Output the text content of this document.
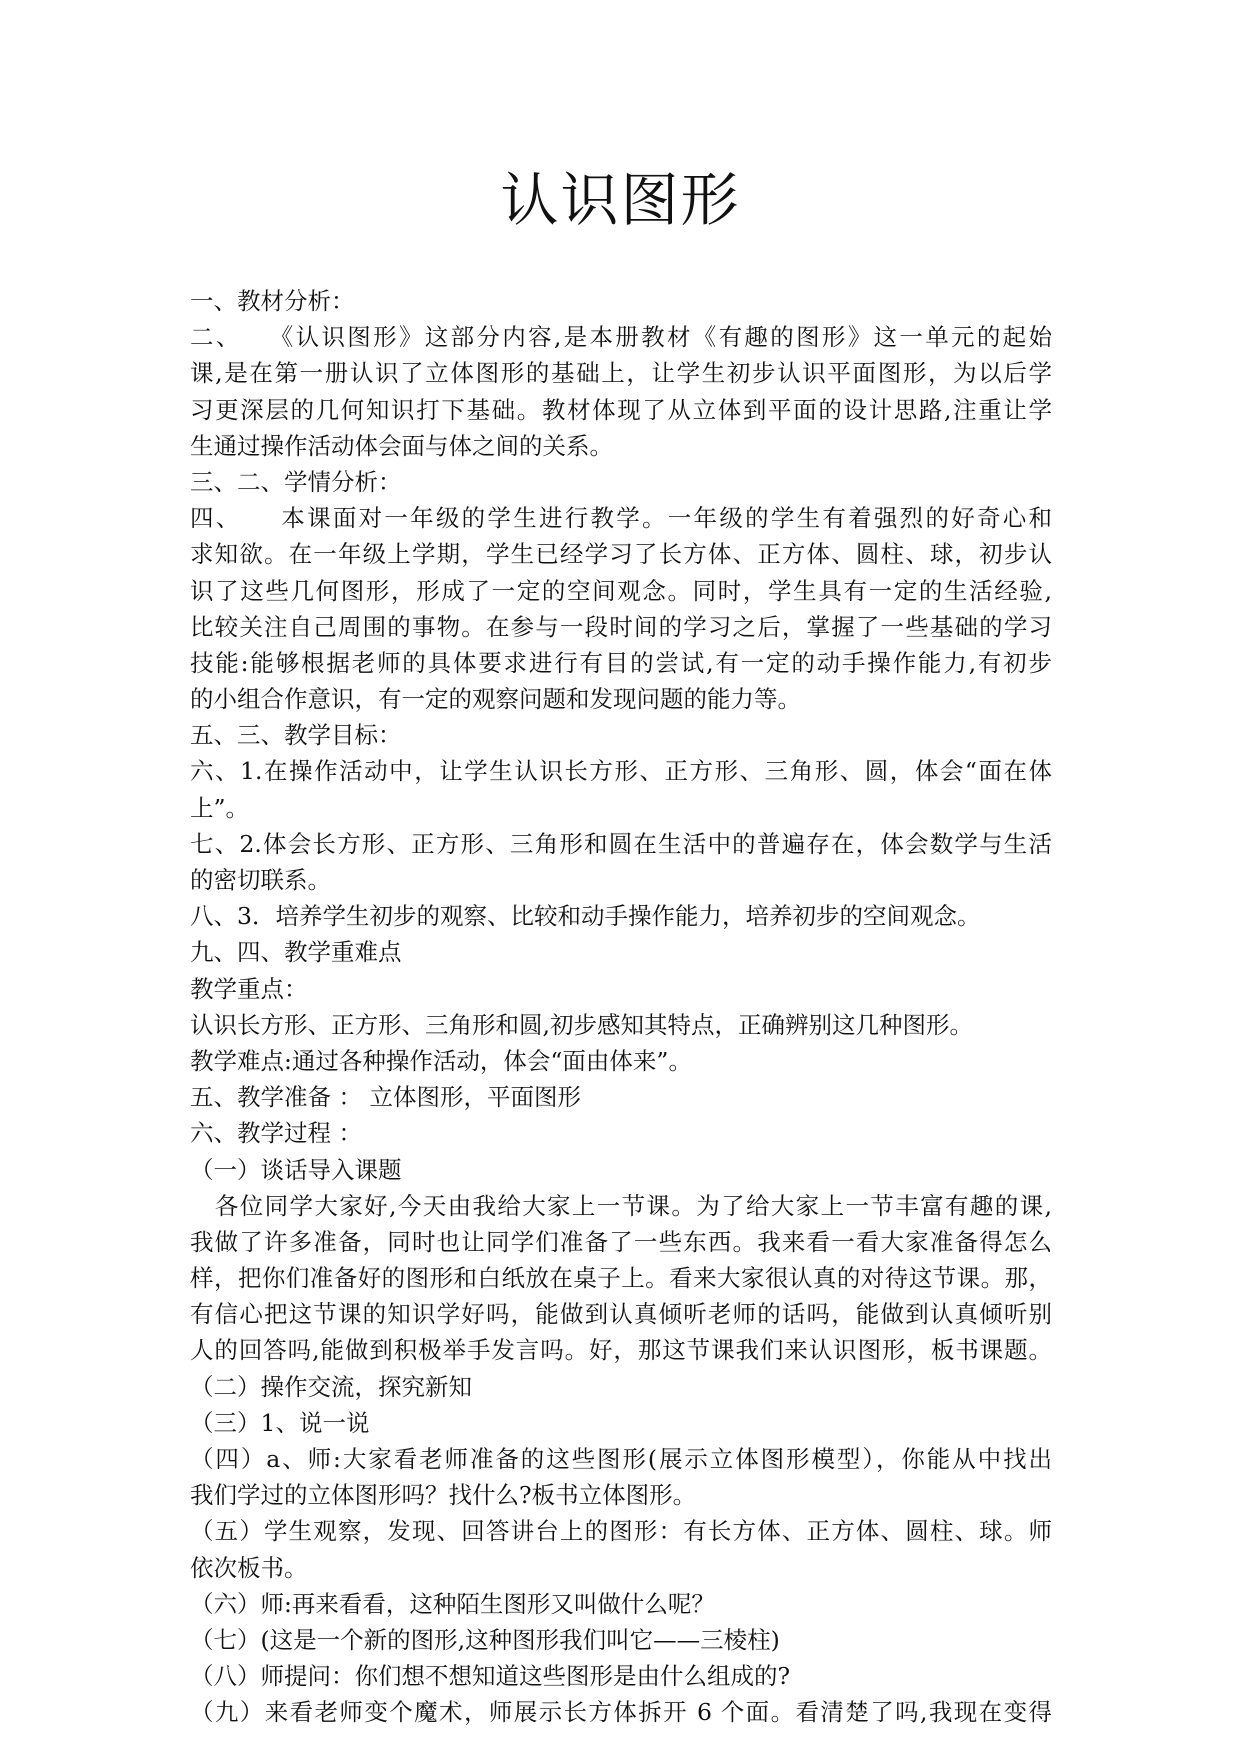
认识图形
一、教材分析：
二、　　《认识图形》这部分内容,是本册教材《有趣的图形》这一单元的起始
课,是在第一册认识了立体图形的基础上，让学生初步认识平面图形，为以后学
习更深层的几何知识打下基础。教材体现了从立体到平面的设计思路,注重让学
生通过操作活动体会面与体之间的关系。
三、二、学情分析：
四、　　本课面对一年级的学生进行教学。一年级的学生有着强烈的好奇心和
求知欲。在一年级上学期，学生已经学习了长方体、正方体、圆柱、球，初步认
识了这些几何图形，形成了一定的空间观念。同时，学生具有一定的生活经验,
比较关注自己周围的事物。在参与一段时间的学习之后，掌握了一些基础的学习
技能:能够根据老师的具体要求进行有目的尝试,有一定的动手操作能力,有初步
的小组合作意识，有一定的观察问题和发现问题的能力等。
五、三、教学目标：
六、1.在操作活动中，让学生认识长方形、正方形、三角形、圆，体会“面在体
上”。
七、2.体会长方形、正方形、三角形和圆在生活中的普遍存在，体会数学与生活
的密切联系。
八、3．培养学生初步的观察、比较和动手操作能力，培养初步的空间观念。
九、四、教学重难点
教学重点：
认识长方形、正方形、三角形和圆,初步感知其特点，正确辨别这几种图形。
教学难点:通过各种操作活动，体会“面由体来”。
五、教学准备 ： 立体图形，平面图形
六、教学过程 ：
（一）谈话导入课题
　各位同学大家好,今天由我给大家上一节课。为了给大家上一节丰富有趣的课,
我做了许多准备，同时也让同学们准备了一些东西。我来看一看大家准备得怎么
样，把你们准备好的图形和白纸放在桌子上。看来大家很认真的对待这节课。那，
有信心把这节课的知识学好吗，能做到认真倾听老师的话吗，能做到认真倾听别
人的回答吗,能做到积极举手发言吗。好，那这节课我们来认识图形，板书课题。
（二）操作交流，探究新知
（三）1、说一说
（四）a、师:大家看老师准备的这些图形(展示立体图形模型），你能从中找出
我们学过的立体图形吗？找什么?板书立体图形。
（五）学生观察，发现、回答讲台上的图形：有长方体、正方体、圆柱、球。师
依次板书。
（六）师:再来看看，这种陌生图形又叫做什么呢？
（七）(这是一个新的图形,这种图形我们叫它——三棱柱)
（八）师提问：你们想不想知道这些图形是由什么组成的?
（九）来看老师变个魔术，师展示长方体拆开 6 个面。看清楚了吗,我现在变得
